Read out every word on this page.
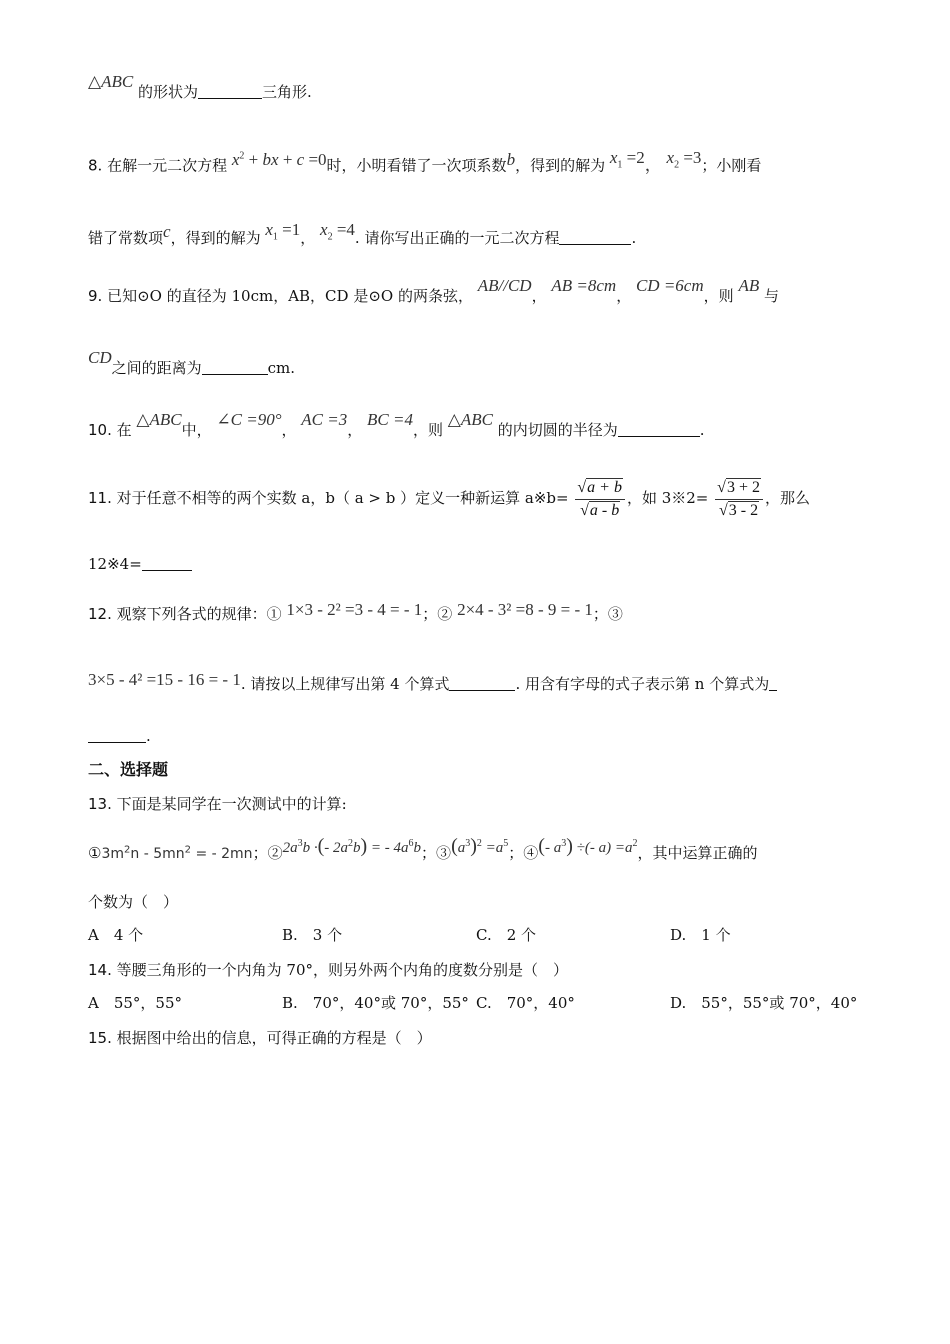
△ABC 的形状为	三角形.
8. 在解一元二次方程 $x^2$ + bx + c =0时，小明看错了一次项系数b，得到的解为 $x_1 =2$， $x_2 =3$；小刚看
错了常数项c，得到的解为 $x_1 =1$， $x_2 =4$. 请你写出正确的一元二次方程	.
9. 已知⊙O 的直径为 10cm，AB，CD 是⊙O 的两条弦， AB//CD， AB =8cm， CD =6cm，则 AB 与
CD之间的距离为	cm.
10. 在 △ABC中， ∠C =90°， AC =3， BC =4，则 △ABC 的内切圆的半径为	.
11. 对于任意不相等的两个实数 a，b（ a > b ）定义一种新运算 a※b= $\frac{√a + b}{√a - b}$ ，如 3※2= $\frac{√3 + 2}{√3 - 2}$ ，那么
12※4=
12. 观察下列各式的规律：① 1×3 - 2² =3 - 4 = - 1；② 2×4 - 3² =8 - 9 = - 1；③
3×5 - 4² =15 - 16 = - 1. 请按以上规律写出第 4 个算式	. 用含有字母的式子表示第 n 个算式为
.
二、选择题
13. 下面是某同学在一次测试中的计算:
$①3m^2n - 5mn^2$ = - 2mn；$②2a^3b$ ·(- $2a^2b$) = - $4a^6b$；$③(a^3)^2 =a^5$；④(- $a^3$) ÷(- $a) =a^2$，其中运算正确的
个数为（　）
A　4 个	B.　3 个	C.　2 个	D.　1 个
14. 等腰三角形的一个内角为 70°，则另外两个内角的度数分别是（　）
A　55°，55°	B.　70°，40°或 70°，55° C.　70°，40°	D.　55°，55°或 70°，40°
15. 根据图中给出的信息，可得正确的方程是（　）
